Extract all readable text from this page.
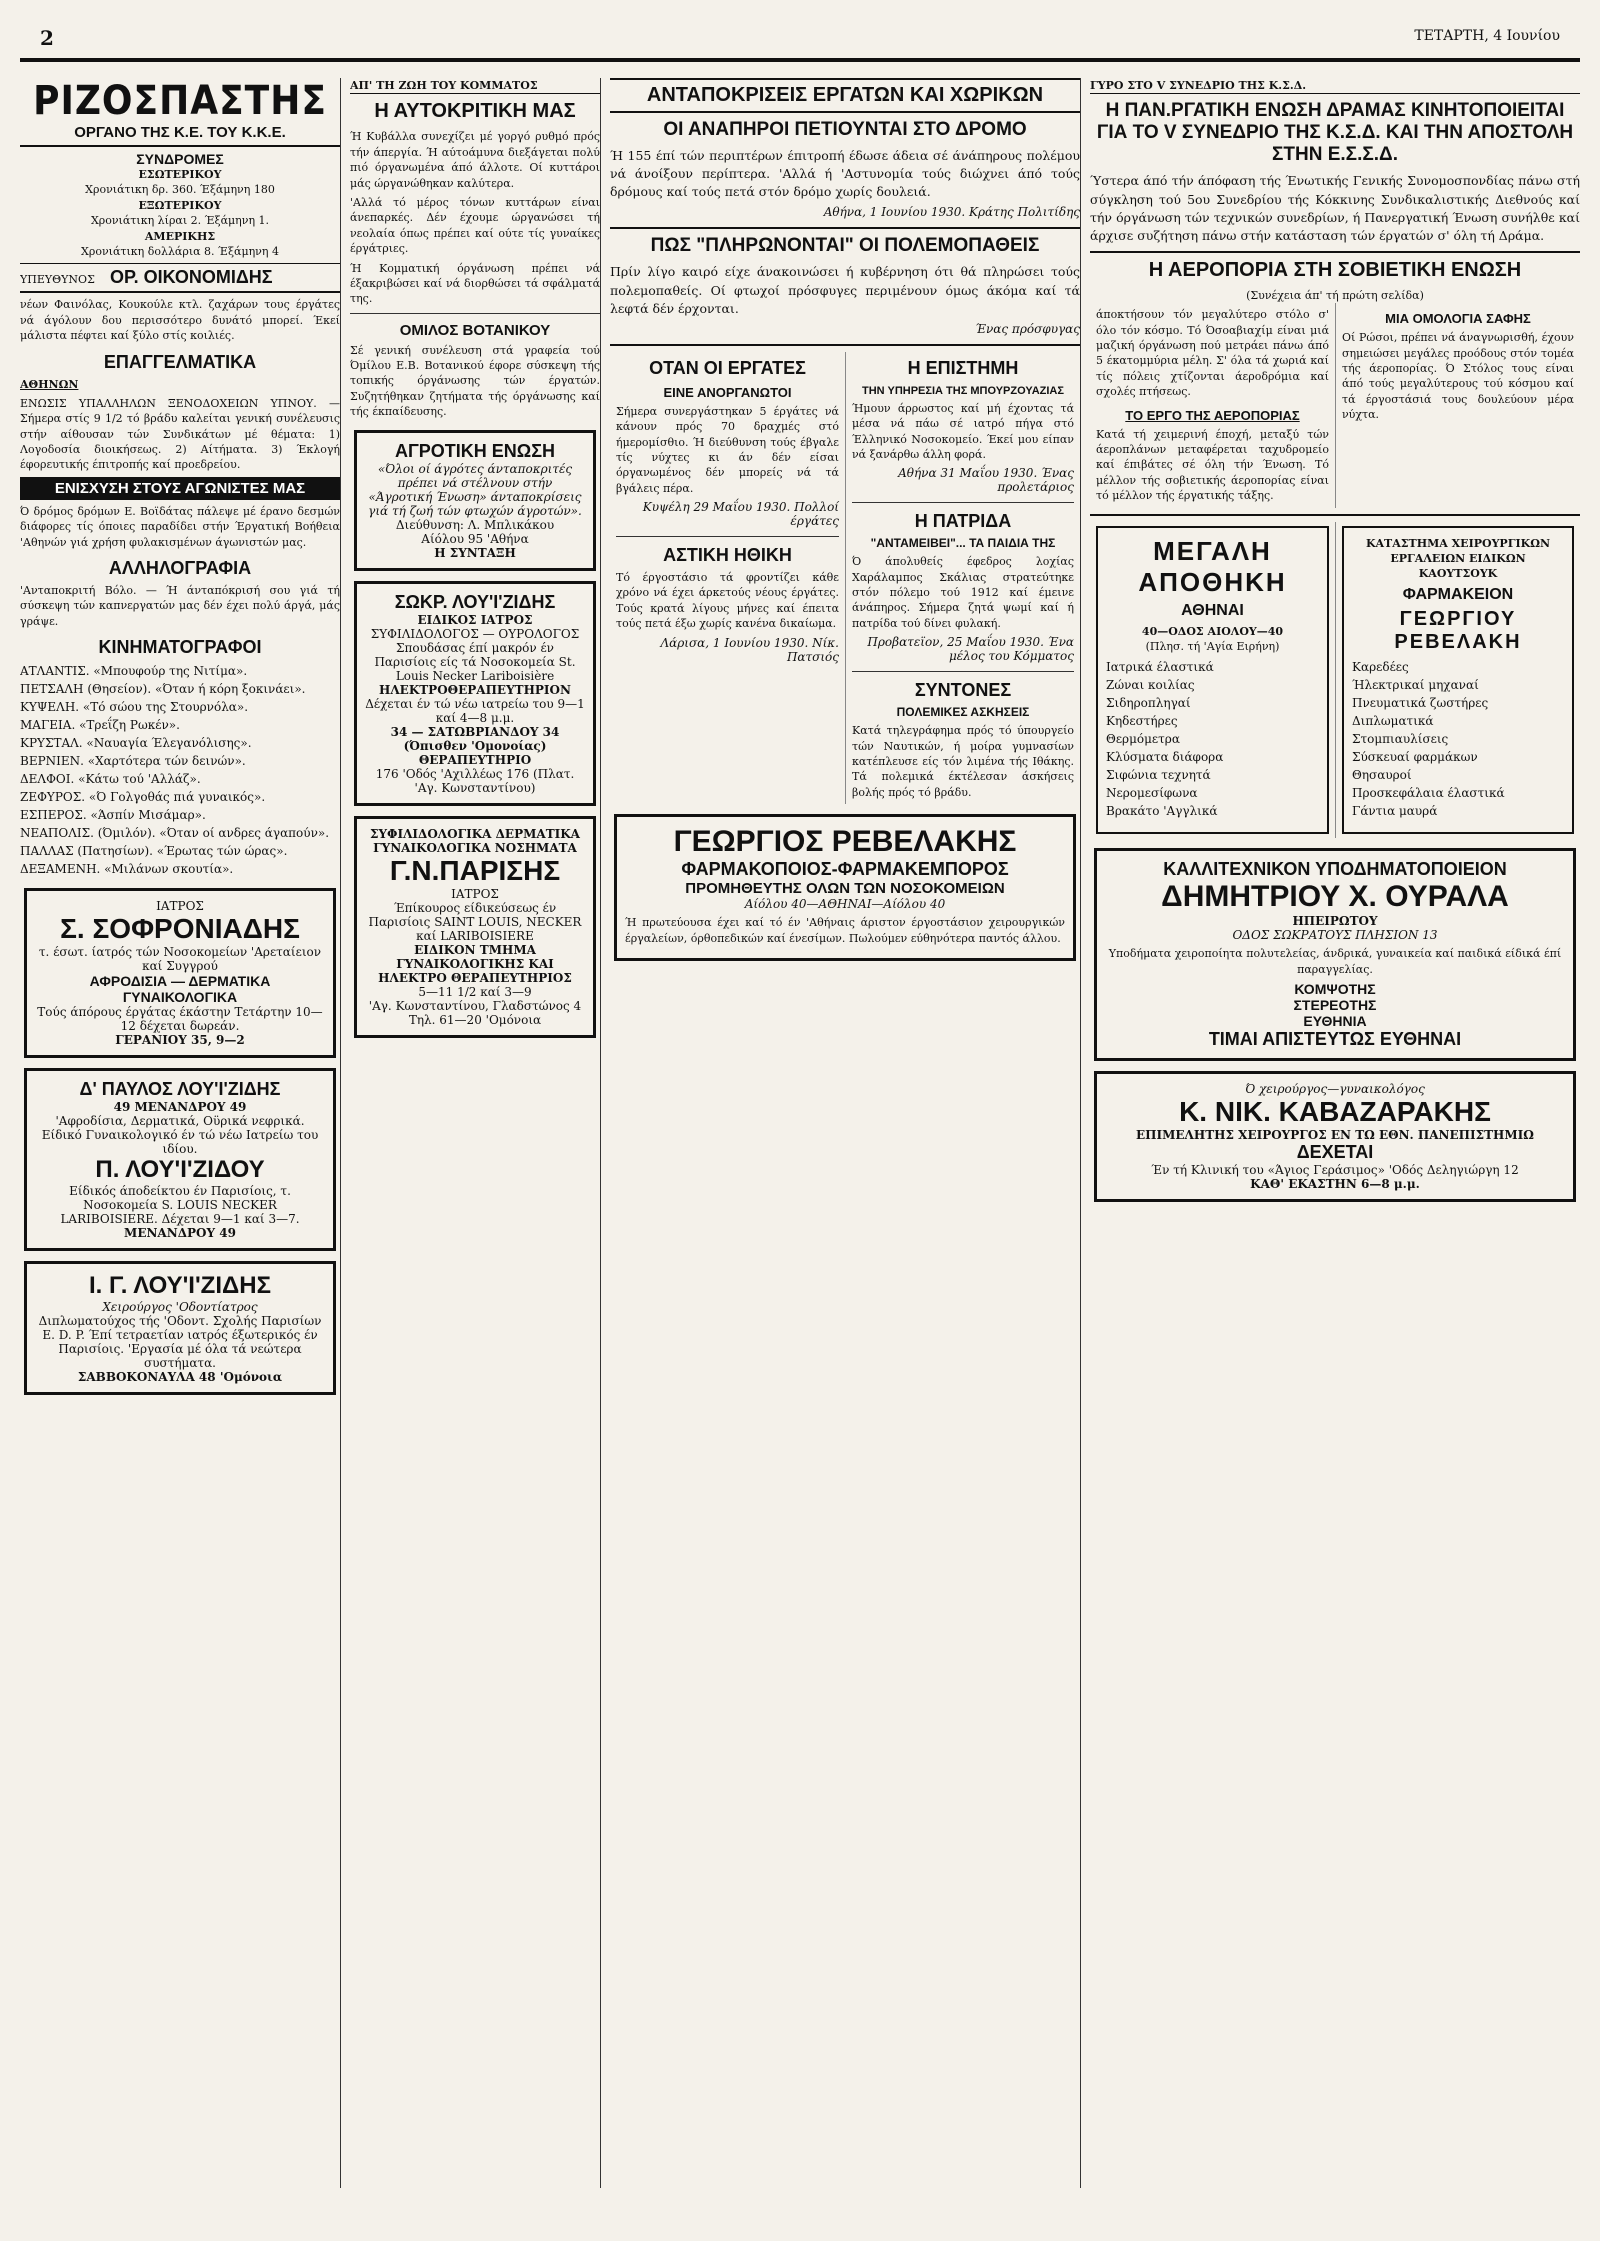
2	ΤΕΤΑΡΤΗ, 4 Ιουνίου
ΡΙΖΟΣΠΑΣΤΗΣ
ΟΡΓΑΝΟ ΤΗΣ Κ.Ε. ΤΟΥ Κ.Κ.Ε.
ΣΥΝΔΡΟΜΕΣ
ΕΣΩΤΕΡΙΚΟΥ
Χρονιάτικη δρ. 360. Έξάμηνη 180
ΕΞΩΤΕΡΙΚΟΥ
Χρονιάτικη λίραι 2. Έξάμηνη 1.
ΑΜΕΡΙΚΗΣ
Χρονιάτικη δολλάρια 8. Έξάμηνη 4
ΥΠΕΥΘΥΝΟΣ ΟΡ. ΟΙΚΟΝΟΜΙΔΗΣ

νέων Φαινόλας, Κουκούλε κτλ. ζαχάρων τους έργάτες νά άγόλουν δου περισσότερο δυνάτό μπορεί. Έκεί μάλιστα πέφτει καί ξύλο στίς κοιλιές.

ΕΠΑΓΓΕΛΜΑΤΙΚΑ
ΑΘΗΝΩΝ

ΕΝΩΣΙΣ ΥΠΑΛΛΗΛΩΝ ΞΕΝΟΔΟΧΕΙΩΝ ΥΠΝΟΥ. — Σήμερα στίς 9 1/2 τό βράδυ καλείται γενική συνέλευσις στήν αίθουσαν τών Συνδικάτων μέ θέματα: 1) Λογοδοσία διοικήσεως. 2) Αίτήματα. 3) Έκλογή έφορευτικής έπιτροπής καί προεδρείου.

ΕΝΙΣΧΥΣΗ ΣΤΟΥΣ ΑΓΩΝΙΣΤΕΣ ΜΑΣ

Ό δρόμος δρόμων Ε. Βοϊδάτας πάλεψε μέ έρανο δεσμών διάφορες τίς όποιες παραδίδει στήν Έργατική Βοήθεια 'Αθηνών γιά χρήση φυλακισμένων άγωνιστών μας.

ΑΛΛΗΛΟΓΡΑΦΙΑ

'Ανταποκριτή Βόλο. — Ή άνταπόκρισή σου γιά τή σύσκεψη τών καπνεργατών μας δέν έχει πολύ άργά, μάς γράψε.

ΚΙΝΗΜΑΤΟΓΡΑΦΟΙ
ΑΤΛΑΝΤΙΣ. «Μπουφούρ της Νιτίμα».
ΠΕΤΣΑΛΗ (Θησείον). «Όταν ή κόρη ξοκινάει».
ΚΥΨΕΛΗ. «Τό σώου της Στουρνόλα».
ΜΑΓΕΙΑ. «Τρεΐζη Ρωκέν».
ΚΡΥΣΤΑΛ. «Ναυαγία Έλεγανόλισης».
ΒΕΡΝΙΕΝ. «Χαρτότερα τών δεινών».
ΔΕΛΦΟΙ. «Κάτω τού 'Αλλάζ».
ΖΕΦΥΡΟΣ. «Ό Γολγοθάς πιά γυναικός».
ΕΣΠΕΡΟΣ. «Άσπίν Μισάμαρ».
ΝΕΑΠΟΛΙΣ. (Όμιλόν). «Όταν οί ανδρες άγαπούν».
ΠΑΛΛΑΣ (Πατησίων). «Έρωτας τών ώρας».
ΔΕΞΑΜΕΝΗ. «Μιλάνων σκουτία».
ΙΑΤΡΟΣ
Σ. ΣΟΦΡΟΝΙΑΔΗΣ
τ. έσωτ. ίατρός τών Νοσοκομείων 'Αρεταίειον καί Συγγρού
ΑΦΡΟΔΙΣΙΑ — ΔΕΡΜΑΤΙΚΑ ΓΥΝΑΙΚΟΛΟΓΙΚΑ
Τούς άπόρους έργάτας έκάστην Τετάρτην 10—12 δέχεται δωρεάν.
ΓΕΡΑΝΙΟΥ 35, 9—2
Δ' ΠΑΥΛΟΣ ΛΟΥ'Ι'ΖΙΔΗΣ
49 ΜΕΝΑΝΔΡΟΥ 49
'Αφροδίσια, Δερματικά, Οϋρικά νεφρικά. Είδικό Γυναικολογικό έν τώ νέω Ιατρείω του ιδίου.
Π. ΛΟΥ'Ι'ΖΙΔΟΥ
Είδικός άποδείκτου έν Παρισίοις, τ. Νοσοκομεία S. LOUIS NECKER LARIBOISIERE. Δέχεται 9—1 καί 3—7.
ΜΕΝΑΝΔΡΟΥ 49
Ι. Γ. ΛΟΥ'Ι'ΖΙΔΗΣ
Χειρούργος 'Οδοντίατρος
Διπλωματούχος τής 'Οδοντ. Σχολής Παρισίων E. D. P. Έπί τετραετίαν ιατρός έξωτερικός έν Παρισίοις. 'Εργασία μέ όλα τά νεώτερα συστήματα.
ΣΑΒΒΟΚΟΝΑΥΛΑ 48 'Ομόνοια
ΑΠ' ΤΗ ΖΩΗ ΤΟΥ ΚΟΜΜΑΤΟΣ
Η ΑΥΤΟΚΡΙΤΙΚΗ ΜΑΣ

Ή Κυβάλλα συνεχίζει μέ γοργό ρυθμό πρός τήν άπεργία. Ή αύτοάμυνα διεξάγεται πολύ πιό όργανωμένα άπό άλλοτε. Οί κυττάροι μάς ώργανώθηκαν καλύτερα.

'Αλλά τό μέρος τόνων κυττάρων είναι άνεπαρκές. Δέν έχουμε ώργανώσει τή νεολαία όπως πρέπει καί ούτε τίς γυναίκες έργάτριες.

Ή Κομματική όργάνωση πρέπει νά έξακριβώσει καί νά διορθώσει τά σφάλματά της.

ΟΜΙΛΟΣ ΒΟΤΑΝΙΚΟΥ

Σέ γενική συνέλευση στά γραφεία τού Όμίλου Ε.Β. Βοτανικού έφορε σύσκεψη τής τοπικής όργάνωσης τών έργατών. Συζητήθηκαν ζητήματα τής όργάνωσης καί τής έκπαίδευσης.

ΑΓΡΟΤΙΚΗ ΕΝΩΣΗ
«Όλοι οί άγρότες άνταποκριτές πρέπει νά στέλνουν στήν «Άγροτική Ένωση» άνταποκρίσεις γιά τή ζωή τών φτωχών άγροτών».
Διεύθυνση: Λ. Μπλικάκου
Αίόλου 95 'Αθήνα
Η ΣΥΝΤΑΞΗ
ΣΩΚΡ. ΛΟΥ'Ι'ΖΙΔΗΣ
ΕΙΔΙΚΟΣ ΙΑΤΡΟΣ
ΣΥΦΙΛΙΔΟΛΟΓΟΣ — ΟΥΡΟΛΟΓΟΣ
Σπουδάσας έπί μακρόν έν Παρισίοις είς τά Νοσοκομεία St. Louis Necker Lariboisière
ΗΛΕΚΤΡΟΘΕΡΑΠΕΥΤΗΡΙΟΝ
Δέχεται έν τώ νέω ιατρείω του 9—1 καί 4—8 μ.μ.
34 — ΣΑΤΩΒΡΙΑΝΔΟΥ 34 (Όπισθεν 'Ομονοίας)
ΘΕΡΑΠΕΥΤΗΡΙΟ
176 'Οδός 'Αχιλλέως 176 (Πλατ. 'Αγ. Κωνσταντίνου)
ΣΥΦΙΛΙΔΟΛΟΓΙΚΑ ΔΕΡΜΑΤΙΚΑ ΓΥΝΑΙΚΟΛΟΓΙΚΑ ΝΟΣΗΜΑΤΑ
Γ.Ν.ΠΑΡΙΣΗΣ
ΙΑΤΡΟΣ
Έπίκουρος είδικεύσεως έν Παρισίοις SAINT LOUIS, NECKER καί LARIBOISIERE
ΕΙΔΙΚΟΝ ΤΜΗΜΑ ΓΥΝΑΙΚΟΛΟΓΙΚΗΣ ΚΑΙ ΗΛΕΚΤΡΟ ΘΕΡΑΠΕΥΤΗΡΙΟΣ
5—11 1/2 καί 3—9
'Αγ. Κωνσταντίνου, Γλαδστώνος 4
Τηλ. 61—20 'Ομόνοια
ΑΝΤΑΠΟΚΡΙΣΕΙΣ ΕΡΓΑΤΩΝ ΚΑΙ ΧΩΡΙΚΩΝ
ΟΙ ΑΝΑΠΗΡΟΙ ΠΕΤΙΟΥΝΤΑΙ ΣΤΟ ΔΡΟΜΟ

Ή 155 έπί τών περιπτέρων έπιτροπή έδωσε άδεια σέ άνάπηρους πολέμου νά άνοίξουν περίπτερα. 'Αλλά ή 'Αστυνομία τούς διώχνει άπό τούς δρόμους καί τούς πετά στόν δρόμο χωρίς δουλειά.

Αθήνα, 1 Ιουνίου 1930. Κράτης Πολιτίδης
ΠΩΣ "ΠΛΗΡΩΝΟΝΤΑΙ" ΟΙ ΠΟΛΕΜΟΠΑΘΕΙΣ

Πρίν λίγο καιρό είχε άνακοινώσει ή κυβέρνηση ότι θά πληρώσει τούς πολεμοπαθείς. Οί φτωχοί πρόσφυγες περιμένουν όμως άκόμα καί τά λεφτά δέν έρχονται.

Ένας πρόσφυγας
ΟΤΑΝ ΟΙ ΕΡΓΑΤΕΣ
ΕΙΝΕ ΑΝΟΡΓΑΝΩΤΟΙ

Σήμερα συνεργάστηκαν 5 έργάτες νά κάνουν πρός 70 δραχμές στό ήμερομίσθιο. Ή διεύθυνση τούς έβγαλε τίς νύχτες κι άν δέν είσαι όργανωμένος δέν μπορείς νά τά βγάλεις πέρα.

Κυψέλη 29 Μαΐου 1930. Πολλοί έργάτες
ΑΣΤΙΚΗ ΗΘΙΚΗ

Τό έργοστάσιο τά φροντίζει κάθε χρόνο νά έχει άρκετούς νέους έργάτες. Τούς κρατά λίγους μήνες καί έπειτα τούς πετά έξω χωρίς κανένα δικαίωμα.

Λάρισα, 1 Ιουνίου 1930. Νίκ. Πατσιός
Η ΕΠΙΣΤΗΜΗ
ΤΗΝ ΥΠΗΡΕΣΙΑ ΤΗΣ ΜΠΟΥΡΖΟΥΑΖΙΑΣ

Ήμουν άρρωστος καί μή έχοντας τά μέσα νά πάω σέ ιατρό πήγα στό Έλληνικό Νοσοκομείο. Έκεί μου είπαν νά ξανάρθω άλλη φορά.

Αθήνα 31 Μαΐου 1930. Ένας προλετάριος
Η ΠΑΤΡΙΔΑ
"ΑΝΤΑΜΕΙΒΕΙ"... ΤΑ ΠΑΙΔΙΑ ΤΗΣ

Ό άπολυθείς έφεδρος λοχίας Χαράλαμπος Σκάλιας στρατεύτηκε στόν πόλεμο τού 1912 καί έμεινε άνάπηρος. Σήμερα ζητά ψωμί καί ή πατρίδα τού δίνει φυλακή.

Προβατεϊον, 25 Μαΐου 1930. Ένα μέλος του Κόμματος
ΣΥΝΤΟΝΕΣ
ΠΟΛΕΜΙΚΕΣ ΑΣΚΗΣΕΙΣ

Κατά τηλεγράφημα πρός τό ύπουργείο τών Ναυτικών, ή μοίρα γυμνασίων κατέπλευσε είς τόν λιμένα τής Ιθάκης. Τά πολεμικά έκτέλεσαν άσκήσεις βολής πρός τό βράδυ.

ΓΕΩΡΓΙΟΣ ΡΕΒΕΛΑΚΗΣ
ΦΑΡΜΑΚΟΠΟΙΟΣ-ΦΑΡΜΑΚΕΜΠΟΡΟΣ
ΠΡΟΜΗΘΕΥΤΗΣ ΟΛΩΝ ΤΩΝ ΝΟΣΟΚΟΜΕΙΩΝ
Αίόλου 40—ΑΘΗΝΑΙ—Αίόλου 40

Ή πρωτεύουσα έχει καί τό έν 'Αθήναις άριστον έργοστάσιον χειρουργικών έργαλείων, όρθοπεδικών καί ένεσίμων. Πωλούμεν εύθηνότερα παντός άλλου.

ΓΥΡΟ ΣΤΟ V ΣΥΝΕΔΡΙΟ ΤΗΣ Κ.Σ.Δ.
Η ΠΑΝ.ΡΓΑΤΙΚΗ ΕΝΩΣΗ ΔΡΑΜΑΣ ΚΙΝΗΤΟΠΟΙΕΙΤΑΙ ΓΙΑ ΤΟ V ΣΥΝΕΔΡΙΟ ΤΗΣ Κ.Σ.Δ. ΚΑΙ ΤΗΝ ΑΠΟΣΤΟΛΗ ΣΤΗΝ Ε.Σ.Σ.Δ.

Ύστερα άπό τήν άπόφαση τής Ένωτικής Γενικής Συνομοσπονδίας πάνω στή σύγκληση τού 5ου Συνεδρίου τής Κόκκινης Συνδικαλιστικής Διεθνούς καί τήν όργάνωση τών τεχνικών συνεδρίων, ή Πανεργατική Ένωση συνήλθε καί άρχισε συζήτηση πάνω στήν κατάσταση τών έργατών σ' όλη τή Δράμα.

Η ΑΕΡΟΠΟΡΙΑ ΣΤΗ ΣΟΒΙΕΤΙΚΗ ΕΝΩΣΗ
(Συνέχεια άπ' τή πρώτη σελίδα)

άποκτήσουν τόν μεγαλύτερο στόλο σ' όλο τόν κόσμο. Τό Όσοαβιαχίμ είναι μιά μαζική όργάνωση πού μετράει πάνω άπό 5 έκατομμύρια μέλη. Σ' όλα τά χωριά καί τίς πόλεις χτίζονται άεροδρόμια καί σχολές πτήσεως.

ΤΟ ΕΡΓΟ ΤΗΣ ΑΕΡΟΠΟΡΙΑΣ

Κατά τή χειμερινή έποχή, μεταξύ τών άεροπλάνων μεταφέρεται ταχυδρομείο καί έπιβάτες σέ όλη τήν Ένωση. Τό μέλλον τής σοβιετικής άεροπορίας είναι τό μέλλον τής έργατικής τάξης.

ΜΙΑ ΟΜΟΛΟΓΙΑ ΣΑΦΗΣ

Οί Ρώσοι, πρέπει νά άναγνωρισθή, έχουν σημειώσει μεγάλες προόδους στόν τομέα τής άεροπορίας. Ό Στόλος τους είναι άπό τούς μεγαλύτερους τού κόσμου καί τά έργοστάσιά τους δουλεύουν μέρα νύχτα.

ΜΕΓΑΛΗ ΑΠΟΘΗΚΗ
ΑΘΗΝΑΙ
40—ΟΔΟΣ ΑΙΟΛΟΥ—40
(Πλησ. τή 'Αγία Ειρήνη)
Ιατρικά έλαστικά
Ζώναι κοιλίας
Σιδηροπληγαί
Κηδεστήρες
Θερμόμετρα
Κλύσματα διάφορα
Σιφώνια τεχνητά
Νερομεσίφωνα
Βρακάτο 'Αγγλικά
ΚΑΤΑΣΤΗΜΑ ΧΕΙΡΟΥΡΓΙΚΩΝ ΕΡΓΑΛΕΙΩΝ ΕΙΔΙΚΩΝ ΚΑΟΥΤΣΟΥΚ
ΦΑΡΜΑΚΕΙΟΝ
ΓΕΩΡΓΙΟΥ ΡΕΒΕΛΑΚΗ
Καρεδέες
Ήλεκτρικαί μηχαναί
Πνευματικά ζωστήρες
Διπλωματικά
Στομπιαυλίσεις
Σύσκευαί φαρμάκων
Θησαυροί
Προσκεφάλαια έλαστικά
Γάντια μαυρά
ΚΑΛΛΙΤΕΧΝΙΚΟΝ ΥΠΟΔΗΜΑΤΟΠΟΙΕΙΟΝ
ΔΗΜΗΤΡΙΟΥ Χ. ΟΥΡΑΛΑ
ΗΠΕΙΡΩΤΟΥ
ΟΔΟΣ ΣΩΚΡΑΤΟΥΣ ΠΛΗΣΙΟΝ 13

Υποδήματα χειροποίητα πολυτελείας, άνδρικά, γυναικεία καί παιδικά είδικά έπί παραγγελίας.

ΚΟΜΨΟΤΗΣ
ΣΤΕΡΕΟΤΗΣ
ΕΥΘΗΝΙΑ
ΤΙΜΑΙ ΑΠΙΣΤΕΥΤΩΣ ΕΥΘΗΝΑΙ
Ό χειρούργος—γυναικολόγος
Κ. ΝΙΚ. ΚΑΒΑΖΑΡΑΚΗΣ
ΕΠΙΜΕΛΗΤΗΣ ΧΕΙΡΟΥΡΓΟΣ ΕΝ ΤΩ ΕΘΝ. ΠΑΝΕΠΙΣΤΗΜΙΩ
ΔΕΧΕΤΑΙ
Έν τή Κλινική του «Άγιος Γεράσιμος» 'Οδός Δεληγιώργη 12
ΚΑΘ' ΕΚΑΣΤΗΝ 6—8 μ.μ.
